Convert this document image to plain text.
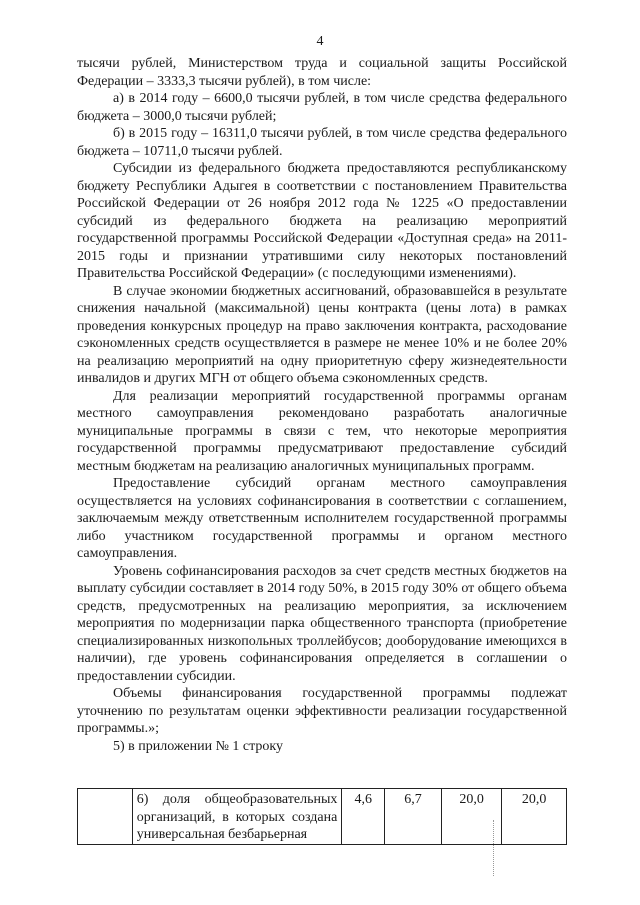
4

тысячи рублей, Министерством труда и социальной защиты Российской Федерации – 3333,3 тысячи рублей), в том числе:

а) в 2014 году – 6600,0 тысячи рублей, в том числе средства федерального бюджета – 3000,0 тысячи рублей;

б) в 2015 году – 16311,0 тысячи рублей, в том числе средства федерального бюджета – 10711,0 тысячи рублей.

Субсидии из федерального бюджета предоставляются республиканскому бюджету Республики Адыгея в соответствии с постановлением Правительства Российской Федерации от 26 ноября 2012 года № 1225 «О предоставлении субсидий из федерального бюджета на реализацию мероприятий государственной программы Российской Федерации «Доступная среда» на 2011-2015 годы и признании утратившими силу некоторых постановлений Правительства Российской Федерации» (с последующими изменениями).

В случае экономии бюджетных ассигнований, образовавшейся в результате снижения начальной (максимальной) цены контракта (цены лота) в рамках проведения конкурсных процедур на право заключения контракта, расходование сэкономленных средств осуществляется в размере не менее 10% и не более 20% на реализацию мероприятий на одну приоритетную сферу жизнедеятельности инвалидов и других МГН от общего объема сэкономленных средств.

Для реализации мероприятий государственной программы органам местного самоуправления рекомендовано разработать аналогичные муниципальные программы в связи с тем, что некоторые мероприятия государственной программы предусматривают предоставление субсидий местным бюджетам на реализацию аналогичных муниципальных программ.

Предоставление субсидий органам местного самоуправления осуществляется на условиях софинансирования в соответствии с соглашением, заключаемым между ответственным исполнителем государственной программы либо участником государственной программы и органом местного самоуправления.

Уровень софинансирования расходов за счет средств местных бюджетов на выплату субсидии составляет в 2014 году 50%, в 2015 году 30% от общего объема средств, предусмотренных на реализацию мероприятия, за исключением мероприятия по модернизации парка общественного транспорта (приобретение специализированных низкопольных троллейбусов; дооборудование имеющихся в наличии), где уровень софинансирования определяется в соглашении о предоставлении субсидии.

Объемы финансирования государственной программы подлежат уточнению по результатам оценки эффективности реализации государственной программы.»;

5) в приложении № 1 строку

	6) доля общеобразовательных организаций, в которых создана универсальная безбарьерная	4,6	6,7	20,0	20,0
